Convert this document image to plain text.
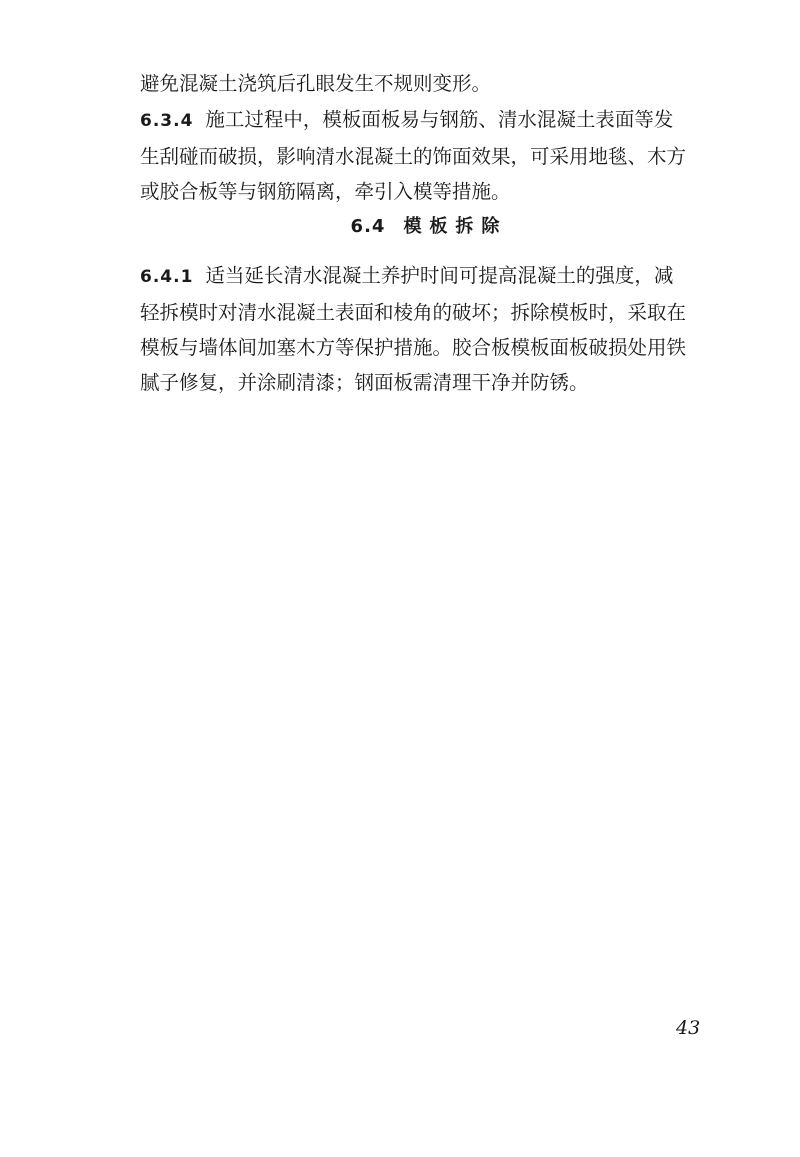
避免混凝土浇筑后孔眼发生不规则变形。

6.3.4 施工过程中，模板面板易与钢筋、清水混凝土表面等发
生刮碰而破损，影响清水混凝土的饰面效果，可采用地毯、木方
或胶合板等与钢筋隔离，牵引入模等措施。

6.4 模板拆除

6.4.1 适当延长清水混凝土养护时间可提高混凝土的强度，减
轻拆模时对清水混凝土表面和棱角的破坏；拆除模板时，采取在
模板与墙体间加塞木方等保护措施。胶合板模板面板破损处用铁
腻子修复，并涂刷清漆；钢面板需清理干净并防锈。

43
